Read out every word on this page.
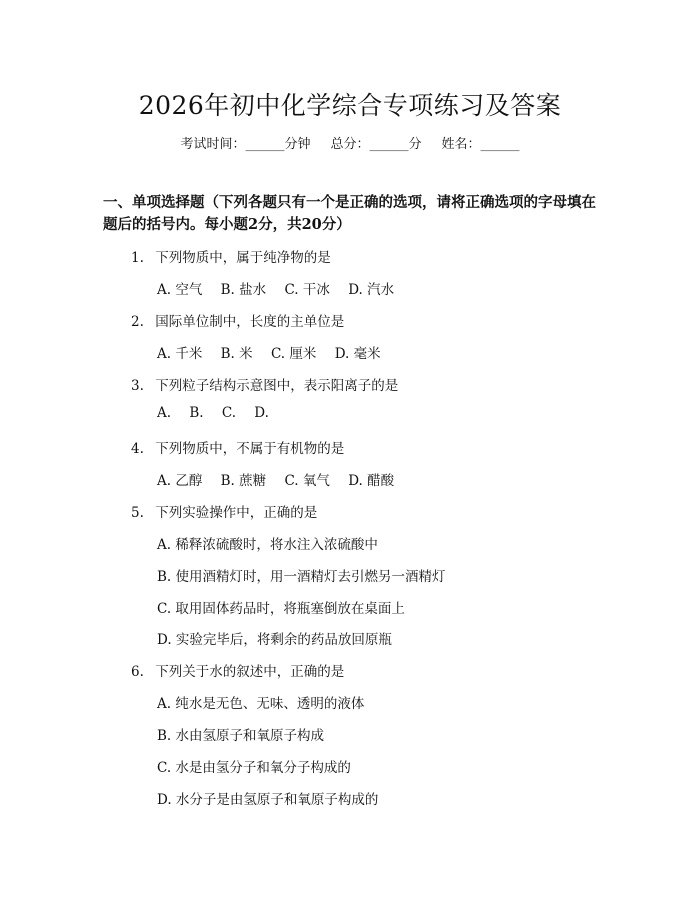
2026年初中化学综合专项练习及答案
考试时间：______分钟 总分：______分 姓名：______
一、单项选择题（下列各题只有一个是正确的选项，请将正确选项的字母填在题后的括号内。每小题2分，共20分）
1. 下列物质中，属于纯净物的是
A. 空气 B. 盐水 C. 干冰 D. 汽水
2. 国际单位制中，长度的主单位是
A. 千米 B. 米 C. 厘米 D. 毫米
3. 下列粒子结构示意图中，表示阳离子的是
A. B. C. D.
4. 下列物质中，不属于有机物的是
A. 乙醇 B. 蔗糖 C. 氧气 D. 醋酸
5. 下列实验操作中，正确的是
A. 稀释浓硫酸时，将水注入浓硫酸中
B. 使用酒精灯时，用一酒精灯去引燃另一酒精灯
C. 取用固体药品时，将瓶塞倒放在桌面上
D. 实验完毕后，将剩余的药品放回原瓶
6. 下列关于水的叙述中，正确的是
A. 纯水是无色、无味、透明的液体
B. 水由氢原子和氧原子构成
C. 水是由氢分子和氧分子构成的
D. 水分子是由氢原子和氧原子构成的
